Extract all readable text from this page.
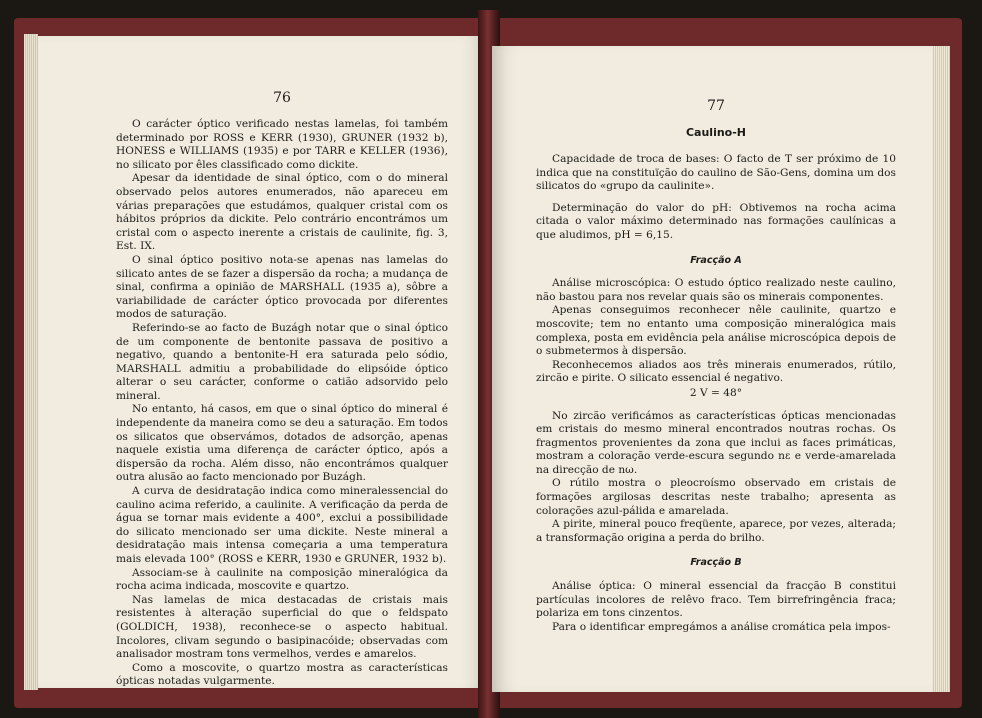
76

O carácter óptico verificado nestas lamelas, foi também determinado por ROSS e KERR (1930), GRUNER (1932 b), HONESS e WILLIAMS (1935) e por TARR e KELLER (1936), no silicato por êles classificado como dickite.

Apesar da identidade de sinal óptico, com o do mineral observado pelos autores enumerados, não apareceu em várias preparações que estudámos, qualquer cristal com os hábitos próprios da dickite. Pelo contrário encontrámos um cristal com o aspecto inerente a cristais de caulinite, fig. 3, Est. IX.

O sinal óptico positivo nota-se apenas nas lamelas do silicato antes de se fazer a dispersão da rocha; a mudança de sinal, confirma a opinião de MARSHALL (1935 a), sôbre a variabilidade de carácter óptico provocada por diferentes modos de saturação.

Referindo-se ao facto de Buzágh notar que o sinal óptico de um componente de bentonite passava de positivo a negativo, quando a bentonite-H era saturada pelo sódio, MARSHALL admitiu a probabilidade do elipsóide óptico alterar o seu carácter, conforme o catião adsorvido pelo mineral.

No entanto, há casos, em que o sinal óptico do mineral é independente da maneira como se deu a saturação. Em todos os silicatos que observámos, dotados de adsorção, apenas naquele existia uma diferença de carácter óptico, após a dispersão da rocha. Além disso, não encontrámos qualquer outra alusão ao facto mencionado por Buzágh.

A curva de desidratação indica como mineralessencial do caulino acima referido, a caulinite. A verificação da perda de água se tornar mais evidente a 400°, exclui a possibilidade do silicato mencionado ser uma dickite. Neste mineral a desidratação mais intensa começaria a uma temperatura mais elevada 100° (ROSS e KERR, 1930 e GRUNER, 1932 b).

Associam-se à caulinite na composição mineralógica da rocha acima indicada, moscovite e quartzo.

Nas lamelas de mica destacadas de cristais mais resistentes à alteração superficial do que o feldspato (GOLDICH, 1938), reconhece-se o aspecto habitual. Incolores, clivam segundo o basipinacóide; observadas com analisador mostram tons vermelhos, verdes e amarelos.

Como a moscovite, o quartzo mostra as características ópticas notadas vulgarmente.

77
Caulino-H

Capacidade de troca de bases: O facto de T ser próximo de 10 indica que na constituïção do caulino de São-Gens, domina um dos silicatos do «grupo da caulinite».

Determinação do valor do pH: Obtivemos na rocha acima citada o valor máximo determinado nas formações caulínicas a que aludimos, pH = 6,15.

Fracção A

Análise microscópica: O estudo óptico realizado neste caulino, não bastou para nos revelar quais são os minerais componentes.

Apenas conseguimos reconhecer nêle caulinite, quartzo e moscovite; tem no entanto uma composição mineralógica mais complexa, posta em evidência pela análise microscópica depois de o submetermos à dispersão.

Reconhecemos aliados aos três minerais enumerados, rútilo, zircão e pirite. O silicato essencial é negativo.

2 V = 48°

No zircão verificámos as características ópticas mencionadas em cristais do mesmo mineral encontrados noutras rochas. Os fragmentos provenientes da zona que inclui as faces primáticas, mostram a coloração verde-escura segundo nε e verde-amarelada na direcção de nω.

O rútilo mostra o pleocroísmo observado em cristais de formações argilosas descritas neste trabalho; apresenta as colorações azul-pálida e amarelada.

A pirite, mineral pouco freqüente, aparece, por vezes, alterada; a transformação origina a perda do brilho.

Fracção B

Análise óptica: O mineral essencial da fracção B constitui partículas incolores de relêvo fraco. Tem birrefringência fraca; polariza em tons cinzentos.

Para o identificar empregámos a análise cromática pela impos-
